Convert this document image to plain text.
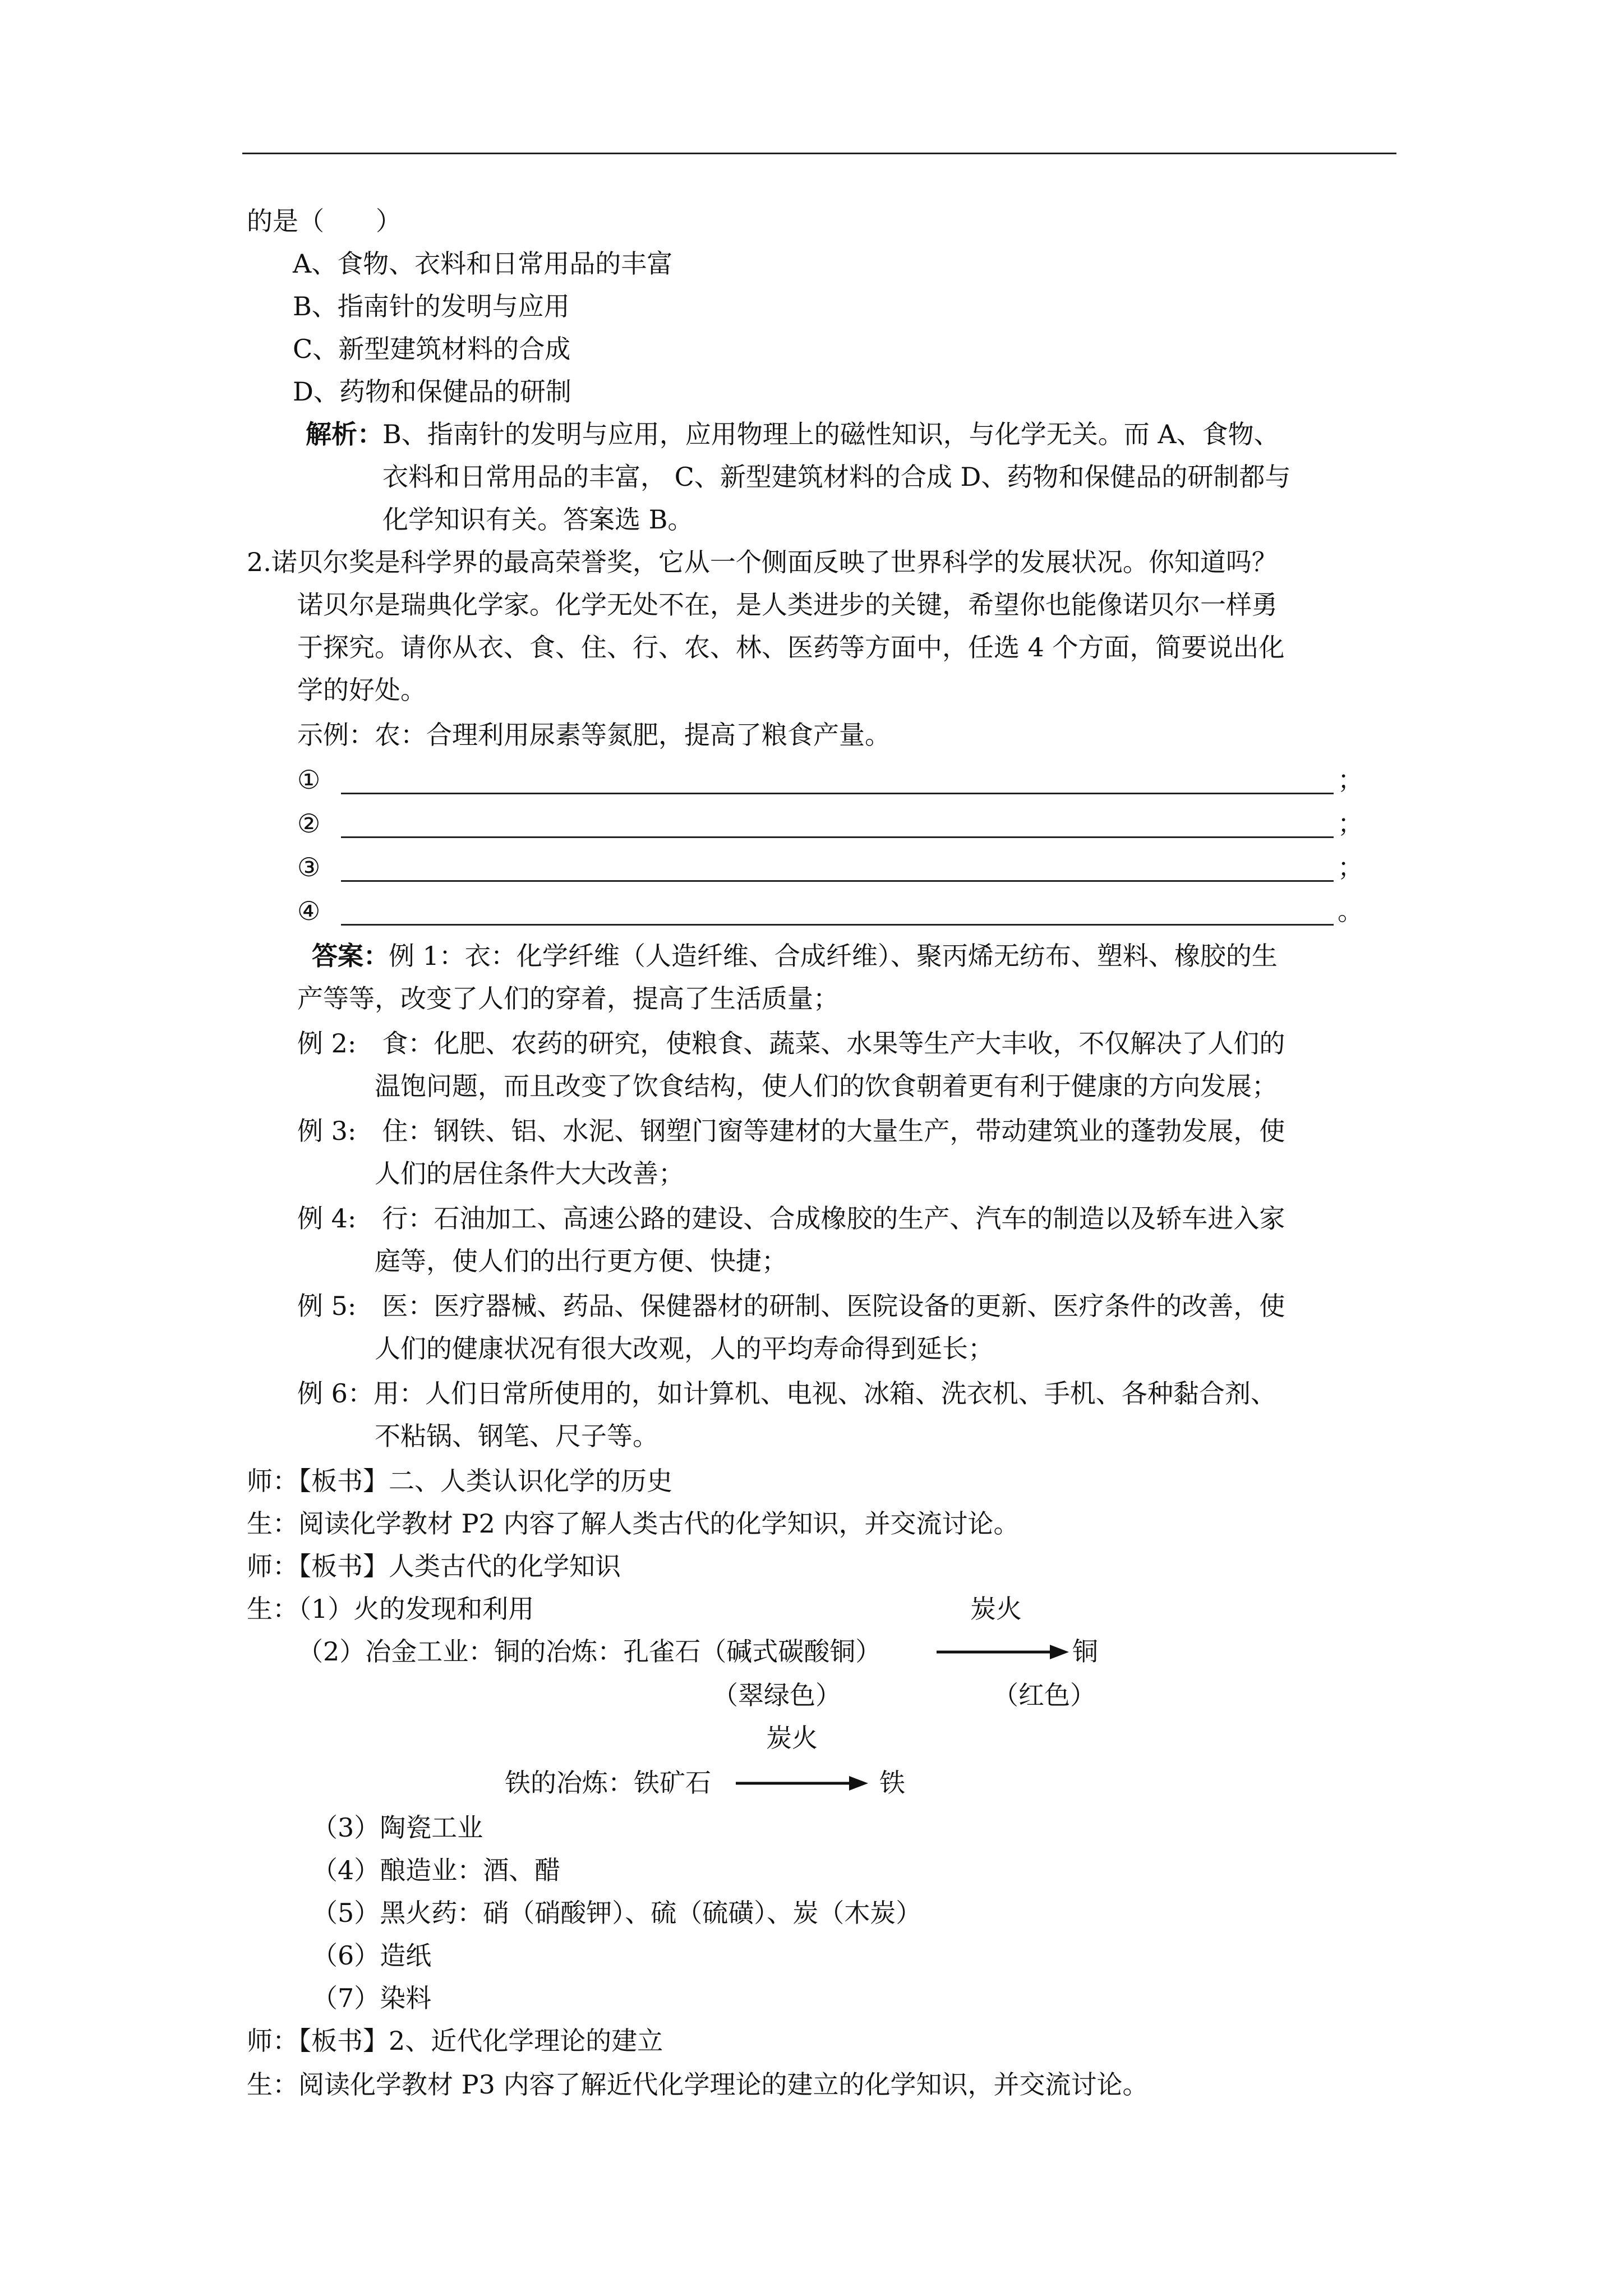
的是（　　）
A、食物、衣料和日常用品的丰富
B、指南针的发明与应用
C、新型建筑材料的合成
D、药物和保健品的研制
解析： B、指南针的发明与应用，应用物理上的磁性知识，与化学无关。而 A、食物、
衣料和日常用品的丰富， C、新型建筑材料的合成 D、药物和保健品的研制都与
化学知识有关。答案选 B。
2.诺贝尔奖是科学界的最高荣誉奖，它从一个侧面反映了世界科学的发展状况。你知道吗？
诺贝尔是瑞典化学家。化学无处不在，是人类进步的关键，希望你也能像诺贝尔一样勇
于探究。请你从衣、食、住、行、农、林、医药等方面中，任选 4 个方面，简要说出化
学的好处。
示例：农：合理利用尿素等氮肥，提高了粮食产量。
①	；
②	；
③	；
④	。
答案： 例 1：衣：化学纤维（人造纤维、合成纤维）、聚丙烯无纺布、塑料、橡胶的生
产等等，改变了人们的穿着，提高了生活质量；
例 2:　食：化肥、农药的研究，使粮食、蔬菜、水果等生产大丰收，不仅解决了人们的
温饱问题，而且改变了饮食结构，使人们的饮食朝着更有利于健康的方向发展；
例 3:　住：钢铁、铝、水泥、钢塑门窗等建材的大量生产，带动建筑业的蓬勃发展，使
人们的居住条件大大改善；
例 4:　行：石油加工、高速公路的建设、合成橡胶的生产、汽车的制造以及轿车进入家
庭等，使人们的出行更方便、快捷；
例 5:　医：医疗器械、药品、保健器材的研制、医院设备的更新、医疗条件的改善，使
人们的健康状况有很大改观，人的平均寿命得到延长；
例 6：用：人们日常所使用的，如计算机、电视、冰箱、洗衣机、手机、各种黏合剂、
不粘锅、钢笔、尺子等。
师：【板书】二、人类认识化学的历史
生：阅读化学教材 P2 内容了解人类古代的化学知识，并交流讨论。
师：【板书】人类古代的化学知识
生：（1）火的发现和利用	炭火
（2）冶金工业：铜的冶炼：孔雀石（碱式碳酸铜）	铜
（翠绿色）	（红色）
炭火
铁的冶炼：铁矿石	铁
（3）陶瓷工业
（4）酿造业：酒、醋
（5）黑火药：硝（硝酸钾）、硫（硫磺）、炭（木炭）
（6）造纸
（7）染料
师：【板书】2、近代化学理论的建立
生：阅读化学教材 P3 内容了解近代化学理论的建立的化学知识，并交流讨论。
